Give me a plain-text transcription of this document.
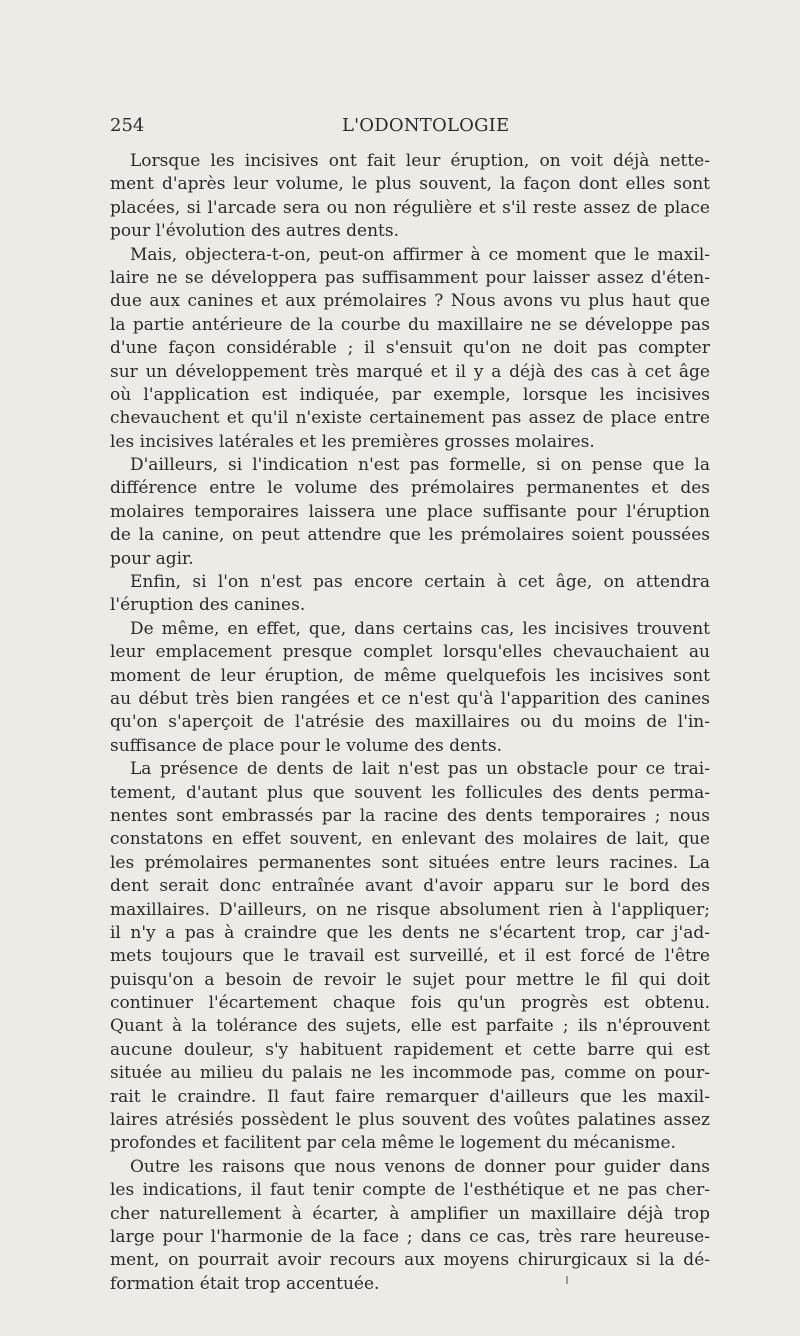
254	L'ODONTOLOGIE
Lorsque les incisives ont fait leur éruption, on voit déjà nette-
ment d'après leur volume, le plus souvent, la façon dont elles sont
placées, si l'arcade sera ou non régulière et s'il reste assez de place
pour l'évolution des autres dents.
Mais, objectera-t-on, peut-on affirmer à ce moment que le maxil-
laire ne se développera pas suffisamment pour laisser assez d'éten-
due aux canines et aux prémolaires ? Nous avons vu plus haut que
la partie antérieure de la courbe du maxillaire ne se développe pas
d'une façon considérable ; il s'ensuit qu'on ne doit pas compter
sur un développement très marqué et il y a déjà des cas à cet âge
où l'application est indiquée, par exemple, lorsque les incisives
chevauchent et qu'il n'existe certainement pas assez de place entre
les incisives latérales et les premières grosses molaires.
D'ailleurs, si l'indication n'est pas formelle, si on pense que la
différence entre le volume des prémolaires permanentes et des
molaires temporaires laissera une place suffisante pour l'éruption
de la canine, on peut attendre que les prémolaires soient poussées
pour agir.
Enfin, si l'on n'est pas encore certain à cet âge, on attendra
l'éruption des canines.
De même, en effet, que, dans certains cas, les incisives trouvent
leur emplacement presque complet lorsqu'elles chevauchaient au
moment de leur éruption, de même quelquefois les incisives sont
au début très bien rangées et ce n'est qu'à l'apparition des canines
qu'on s'aperçoit de l'atrésie des maxillaires ou du moins de l'in-
suffisance de place pour le volume des dents.
La présence de dents de lait n'est pas un obstacle pour ce trai-
tement, d'autant plus que souvent les follicules des dents perma-
nentes sont embrassés par la racine des dents temporaires ; nous
constatons en effet souvent, en enlevant des molaires de lait, que
les prémolaires permanentes sont situées entre leurs racines. La
dent serait donc entraînée avant d'avoir apparu sur le bord des
maxillaires. D'ailleurs, on ne risque absolument rien à l'appliquer;
il n'y a pas à craindre que les dents ne s'écartent trop, car j'ad-
mets toujours que le travail est surveillé, et il est forcé de l'être
puisqu'on a besoin de revoir le sujet pour mettre le fil qui doit
continuer l'écartement chaque fois qu'un progrès est obtenu.
Quant à la tolérance des sujets, elle est parfaite ; ils n'éprouvent
aucune douleur, s'y habituent rapidement et cette barre qui est
située au milieu du palais ne les incommode pas, comme on pour-
rait le craindre. Il faut faire remarquer d'ailleurs que les maxil-
laires atrésiés possèdent le plus souvent des voûtes palatines assez
profondes et facilitent par cela même le logement du mécanisme.
Outre les raisons que nous venons de donner pour guider dans
les indications, il faut tenir compte de l'esthétique et ne pas cher-
cher naturellement à écarter, à amplifier un maxillaire déjà trop
large pour l'harmonie de la face ; dans ce cas, très rare heureuse-
ment, on pourrait avoir recours aux moyens chirurgicaux si la dé-
formation était trop accentuée.
